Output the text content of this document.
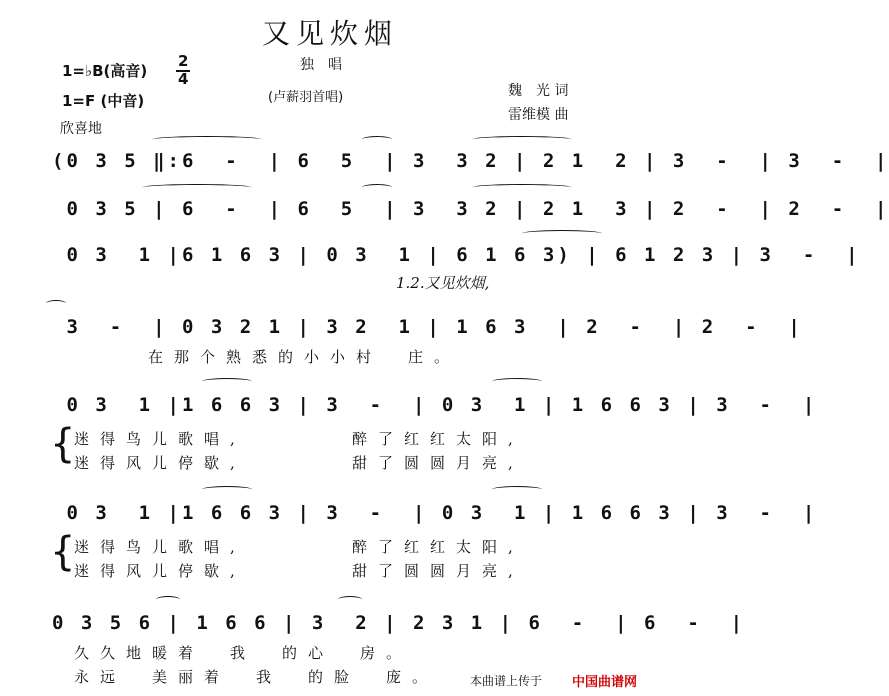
又见炊烟
1=♭B(高音)
2
4
1=F (中音)
欣喜地
独　唱
(卢薪羽首唱)	魏　光 词
雷维模 曲
(0 3 5 ‖:6  -  | 6  5  | 3  3 2 | 2 1  2 | 3  -  | 3  -  |
0 3 5 | 6  -  | 6  5  | 3  3 2 | 2 1  3 | 2  -  | 2  -  |
0 3  1 |6 1 6 3 | 0 3  1 | 6 1 6 3) | 6 1 2 3 | 3  -  |
1.2.又见炊烟,
3  -  | 0 3 2 1 | 3 2  1 | 1 6 3  | 2  -  | 2  -  |
在那个熟悉的小小村　庄。
0 3  1 |1 6 6 3 | 3  -  | 0 3  1 | 1 6 6 3 | 3  -  |
{
迷得鸟儿歌唱,	醉了红红太阳,
迷得风儿停歇,	甜了圆圆月亮,
0 3  1 |1 6 6 3 | 3  -  | 0 3  1 | 1 6 6 3 | 3  -  |
{
迷得鸟儿歌唱,	醉了红红太阳,
迷得风儿停歇,	甜了圆圆月亮,
0 3 5 6 | 1 6 6 | 3  2 | 2 3 1 | 6  -  | 6  -  |
久久地暖着　我　的心　房。
永远　美丽着　我　的脸　庞。	本曲谱上传于 中国曲谱网
